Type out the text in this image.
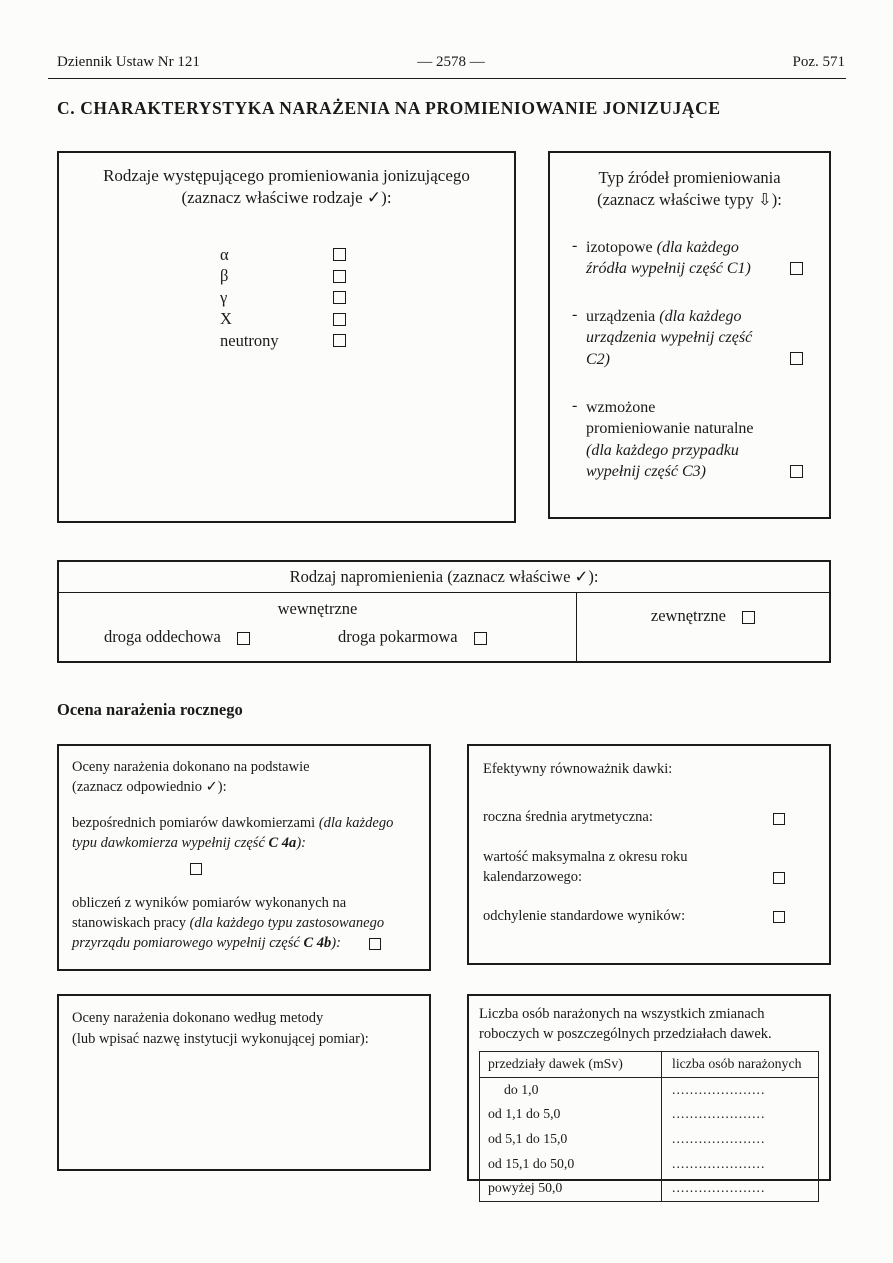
Dziennik Ustaw Nr 121	— 2578 —	Poz. 571
C. CHARAKTERYSTYKA NARAŻENIA NA PROMIENIOWANIE JONIZUJĄCE
Rodzaje występującego promieniowania jonizującego
(zaznacz właściwe rodzaje ✓):
α
β
γ
X
neutrony
Typ źródeł promieniowania
(zaznacz właściwe typy ⇩):
- izotopowe (dla każdego źródła wypełnij część C1)
- urządzenia (dla każdego urządzenia wypełnij część C2)
- wzmożone promieniowanie naturalne (dla każdego przypadku wypełnij część C3)
Rodzaj napromienienia (zaznacz właściwe ✓):
wewnętrzne
droga oddechowa	droga pokarmowa
zewnętrzne
Ocena narażenia rocznego
Oceny narażenia dokonano na podstawie
(zaznacz odpowiednio ✓):
bezpośrednich pomiarów dawkomierzami (dla każdego typu dawkomierza wypełnij część C 4a):
obliczeń z wyników pomiarów wykonanych na stanowiskach pracy (dla każdego typu zastosowanego przyrządu pomiarowego wypełnij część C 4b):
Efektywny równoważnik dawki:
roczna średnia arytmetyczna:
wartość maksymalna z okresu roku kalendarzowego:
odchylenie standardowe wyników:
Oceny narażenia dokonano według metody
(lub wpisać nazwę instytucji wykonującej pomiar):
Liczba osób narażonych na wszystkich zmianach
roboczych w poszczególnych przedziałach dawek.
przedziały dawek (mSv)	liczba osób narażonych
do 1,0	.....................
od 1,1 do 5,0	.....................
od 5,1 do 15,0	.....................
od 15,1 do 50,0	.....................
powyżej 50,0	.....................
